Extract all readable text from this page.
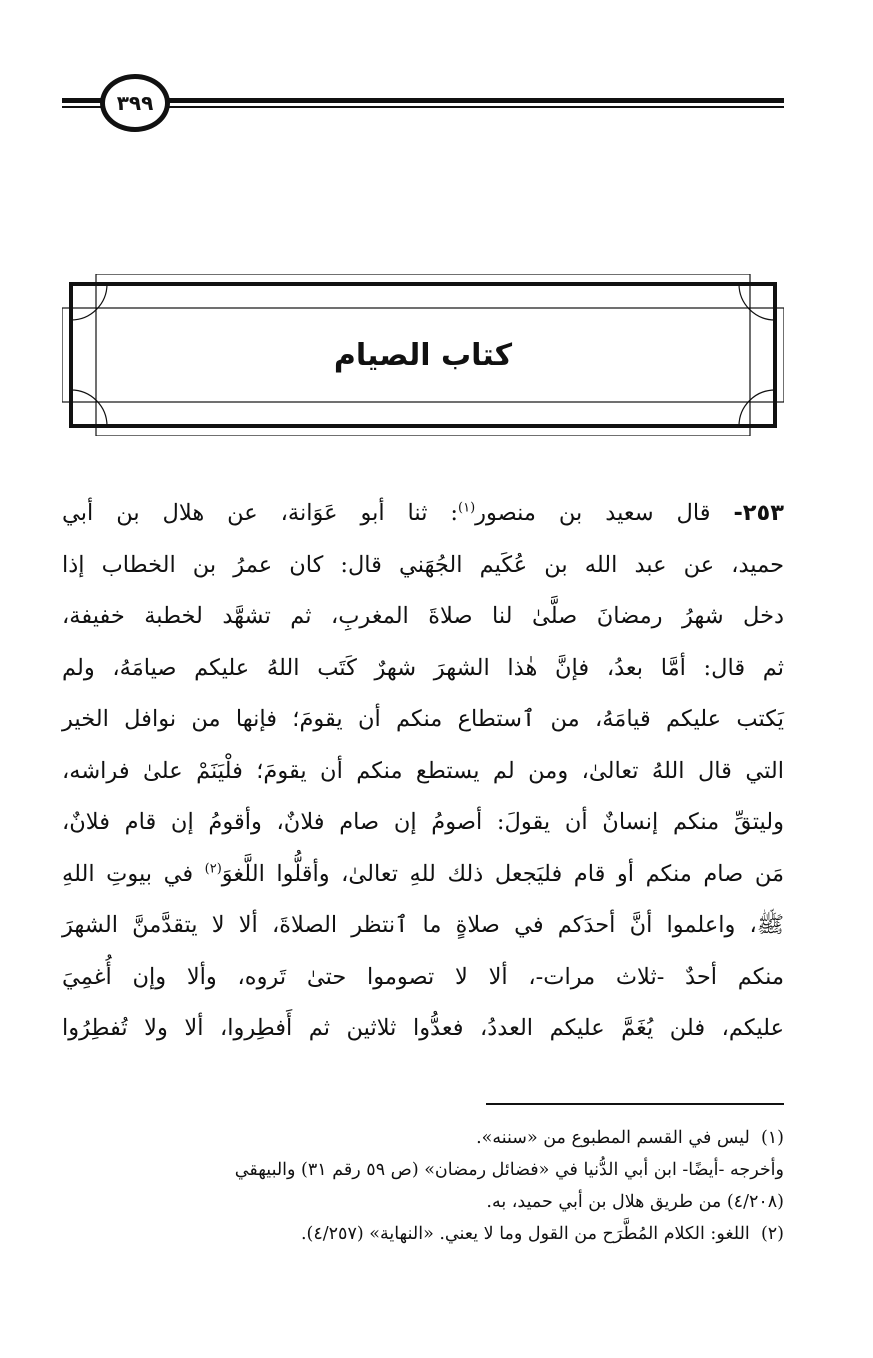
٣٩٩
كتاب الصيام
٢٥٣- قال سعيد بن منصور$^{(١)}$: ثنا أبو عَوَانة، عن هلال بن أبي
حميد، عن عبد الله بن عُكَيم الجُهَني قال: كان عمرُ بن الخطاب إذا
دخل شهرُ رمضانَ صلَّىٰ لنا صلاةَ المغربِ، ثم تشهَّد لخطبة خفيفة،
ثم قال: أمَّا بعدُ، فإنَّ هٰذا الشهرَ شهرٌ كَتَب اللهُ عليكم صيامَهُ، ولم
يَكتب عليكم قيامَهُ، من ٱستطاع منكم أن يقومَ؛ فإنها من نوافل الخير
التي قال اللهُ تعالىٰ، ومن لم يستطع منكم أن يقومَ؛ فلْيَنَمْ علىٰ فراشه،
وليتقِّ منكم إنسانٌ أن يقولَ: أصومُ إن صام فلانٌ، وأقومُ إن قام فلانٌ،
مَن صام منكم أو قام فليَجعل ذلك للهِ تعالىٰ، وأقلُّوا اللَّغوَ$^{(٢)}$ في بيوتِ اللهِ
ﷺ، واعلموا أنَّ أحدَكم في صلاةٍ ما ٱنتظر الصلاةَ، ألا لا يتقدَّمنَّ الشهرَ
منكم أحدٌ -ثلاث مرات-، ألا لا تصوموا حتىٰ تَروه، وألا وإن أُغمِيَ
عليكم، فلن يُغَمَّ عليكم العددُ، فعدُّوا ثلاثين ثم أَفطِروا، ألا ولا تُفطِرُوا
(١)  ليس في القسم المطبوع من «سننه».
وأخرجه -أيضًا- ابن أبي الدُّنيا في «فضائل رمضان» (ص ٥٩ رقم ٣١) والبيهقي
(٤/٢٠٨) من طريق هلال بن أبي حميد، به.
(٢)  اللغو: الكلام المُطَّرَح من القول وما لا يعني. «النهاية» (٤/٢٥٧).
